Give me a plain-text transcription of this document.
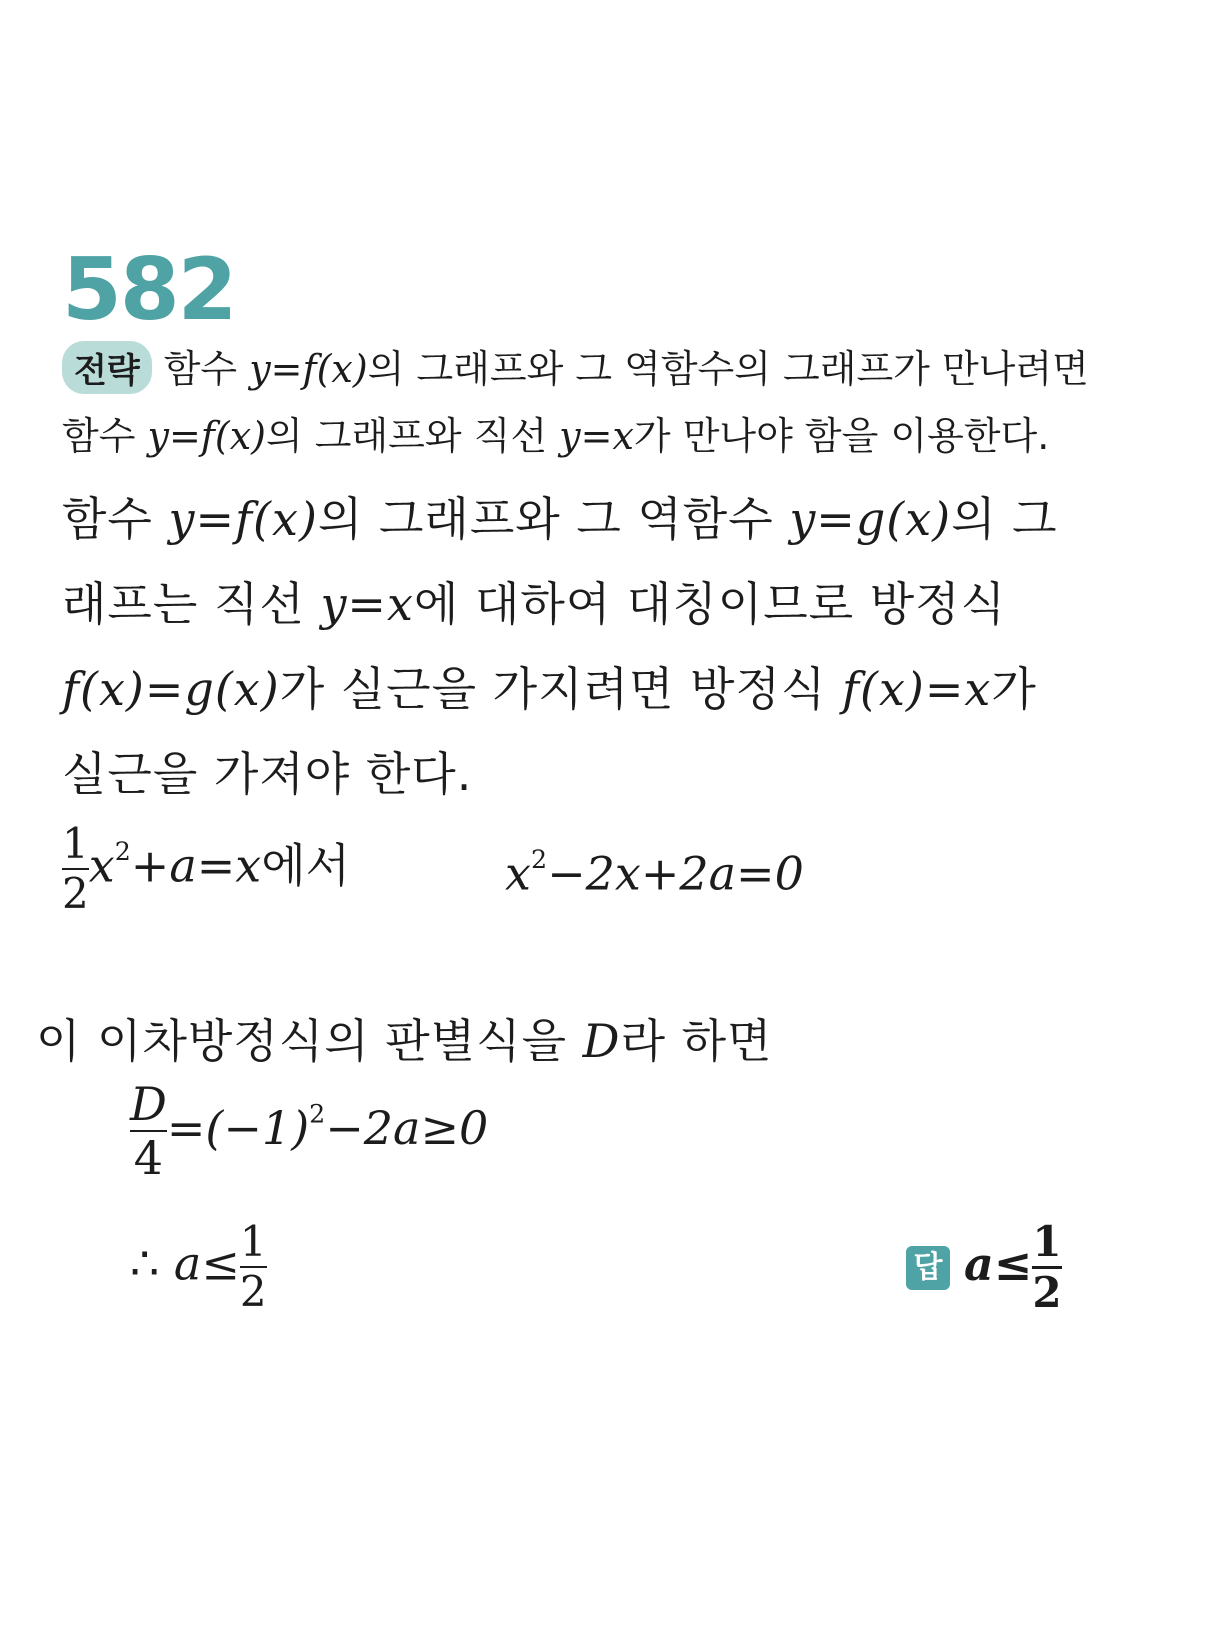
582
전략 함수 y=f(x)의 그래프와 그 역함수의 그래프가 만나려면
함수 y=f(x)의 그래프와 직선 y=x가 만나야 함을 이용한다.
함수 y=f(x)의 그래프와 그 역함수 y=g(x)의 그
래프는 직선 y=x에 대하여 대칭이므로 방정식
f(x)=g(x)가 실근을 가지려면 방정식 f(x)=x가
실근을 가져야 한다.
$\frac{1}{2} x^2+a=x$에서	$x^2-2x+2a=0$
이 이차방정식의 판별식을 D라 하면
$\frac{D}{4} =(-1)^2-2a\ge 0$
∴ $a\le \frac{1}{2}$	답 $a\le \frac{1}{2}$
